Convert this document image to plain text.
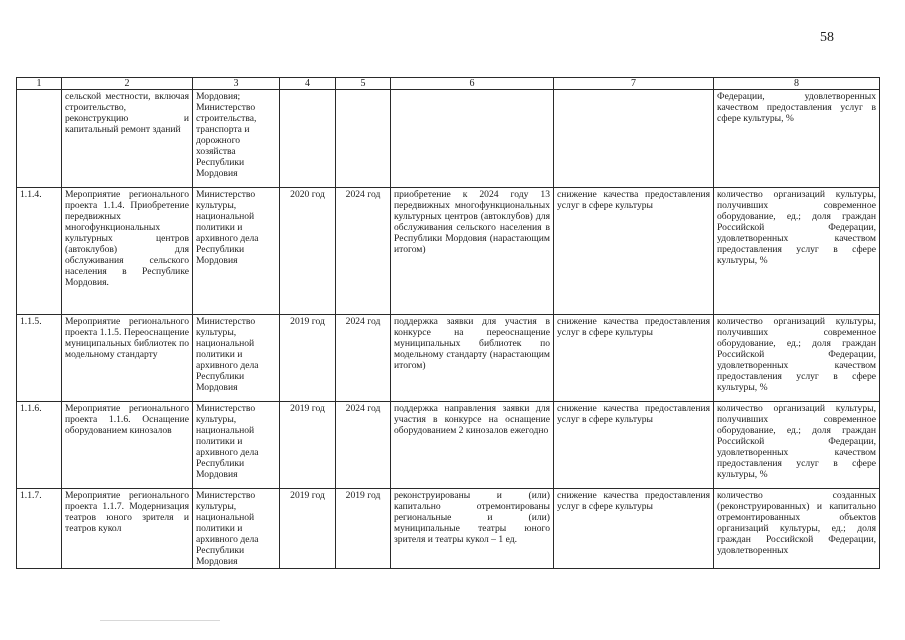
58
1	2	3	4	5	6	7	8
	сельской местности, включая строительство, реконструкцию и капитальный ремонт зданий	Мордовия; Министерство строительства, транспорта и дорожного хозяйства Республики Мордовия					Федерации, удовлетворенных качеством предоставления услуг в сфере культуры, %
1.1.4.	Мероприятие регионального проекта 1.1.4. Приобретение передвижных многофункциональных культурных центров (автоклубов) для обслуживания сельского населения в Республике Мордовия.	Министерство культуры, национальной политики и архивного дела Республики Мордовия	2020 год	2024 год	приобретение к 2024 году 13 передвижных многофункциональных культурных центров (автоклубов) для обслуживания сельского населения в Республики Мордовия (нарастающим итогом)	снижение качества предоставления услуг в сфере культуры	количество организаций культуры, получивших современное оборудование, ед.; доля граждан Российской Федерации, удовлетворенных качеством предоставления услуг в сфере культуры, %
1.1.5.	Мероприятие регионального проекта 1.1.5. Переоснащение муниципальных библиотек по модельному стандарту	Министерство культуры, национальной политики и архивного дела Республики Мордовия	2019 год	2024 год	поддержка заявки для участия в конкурсе на переоснащение муниципальных библиотек по модельному стандарту (нарастающим итогом)	снижение качества предоставления услуг в сфере культуры	количество организаций культуры, получивших современное оборудование, ед.; доля граждан Российской Федерации, удовлетворенных качеством предоставления услуг в сфере культуры, %
1.1.6.	Мероприятие регионального проекта 1.1.6. Оснащение оборудованием кинозалов	Министерство культуры, национальной политики и архивного дела Республики Мордовия	2019 год	2024 год	поддержка направления заявки для участия в конкурсе на оснащение оборудованием 2 кинозалов ежегодно	снижение качества предоставления услуг в сфере культуры	количество организаций культуры, получивших современное оборудование, ед.; доля граждан Российской Федерации, удовлетворенных качеством предоставления услуг в сфере культуры, %
1.1.7.	Мероприятие регионального проекта 1.1.7. Модернизация театров юного зрителя и театров кукол	Министерство культуры, национальной политики и архивного дела Республики Мордовия	2019 год	2019 год	реконструированы и (или) капитально отремонтированы региональные и (или) муниципальные театры юного зрителя и театры кукол – 1 ед.	снижение качества предоставления услуг в сфере культуры	количество созданных (реконструированных) и капитально отремонтированных объектов организаций культуры, ед.; доля граждан Российской Федерации, удовлетворенных
